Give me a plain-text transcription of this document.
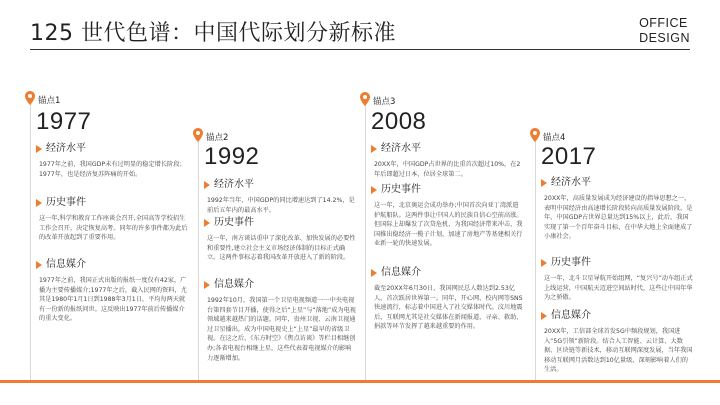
125 世代色谱：中国代际划分新标准	OFFICE
DESIGN
锚点1
1977
经济水平
1977年之前，我国GDP未有过明显的稳定增长阶段；1977年，也是经济复苏阵痛的开始。
历史事件
这一年,科学和教育工作座谈会召开,全国高等学校招生工作会召开。决定恢复高考。同年的许多事件都为此后的改革开放起到了重要作用。
信息媒介
1977年之前，我国正式出版的报纸一度仅有42家，广播为主要传播媒介;1977年之后，截入民网的资料，尤其是1980年1月1日到1988年3月1日，平均每两天就有一份新的报纸问世。这反映出1977年前后传播媒介的重大变化。
锚点2
1992
经济水平
1992年当年，中国GDP的同比增速达到了14.2%，是前后五年内的最高水平。
历史事件
这一年，南方谈话重申了深化改革、加快发展的必要性和重要性,建立社会主义市场经济体制的目标正式确立。这两件事标志着我国改革开放进入了新的阶段。
信息媒介
1992年10月，我国第一个卫星电视频道一一中央电视台第四套节目开播，使得之后“上星”与“落地”成为电视领域越来越热门的话题。同年，贵州卫视、云南卫视通过卫星播出，成为中国电视史上“上星”最早的省级卫视。在这之后，《东方时空》《焦点访谈》等栏目相继创办;各省电视台相继上星，这些代表着电视媒介的影响力逐渐增加。
锚点3
2008
经济水平
20XX年，中国GDP占世界的比重首次超过10%，在2年后即超过日本，位居全球第二。
历史事件
这一年，北京奥运会成功举办;中国首次向亚丁湾派遣护航船队。这两件事让中国人的民族自信心空前高涨。但国际上却爆发了次贷危机，为我国经济带来冲击，我国推出稳经济一揽子计划，加速了房地产等基建相关行业新一轮的快速发展。
信息媒介
截至20XX年6月30日，我国网民总人数达到2.53亿人，首次跃居世界第一。同年，开心网、校内网等SNS快速流行，标志着中国进入了社交媒体时代。汶川地震后，互联网尤其是社交媒体在新闻报道、寻亲、救助、捐款等环节发挥了越来越重要的作用。
锚点4
2017
经济水平
20XX年，高质量发展成为经济建设的指导思想之一，表明中国经济由高速增长阶段转向高质量发展阶段。是年，中国GDP占世界总量达到15%以上，此后，我国实现了第一个百年奋斗目标，在中华大地上全面建成了小康社会。
历史事件
这一年，北斗卫星导航开始组网，“复兴号”动车组正式上线运营，中国航天迈进空间站时代，这些让中国年华为之骄傲。
信息媒介
20XX年，工信部全球首发5G中频段规划，我国进入“5G引领”新阶段。结合人工智能、云计算、大数据、区块链等新技术，移动互联网深度发展，当年我国移动互联网月活数达到10亿量级，深刻影响着人们的生活。
